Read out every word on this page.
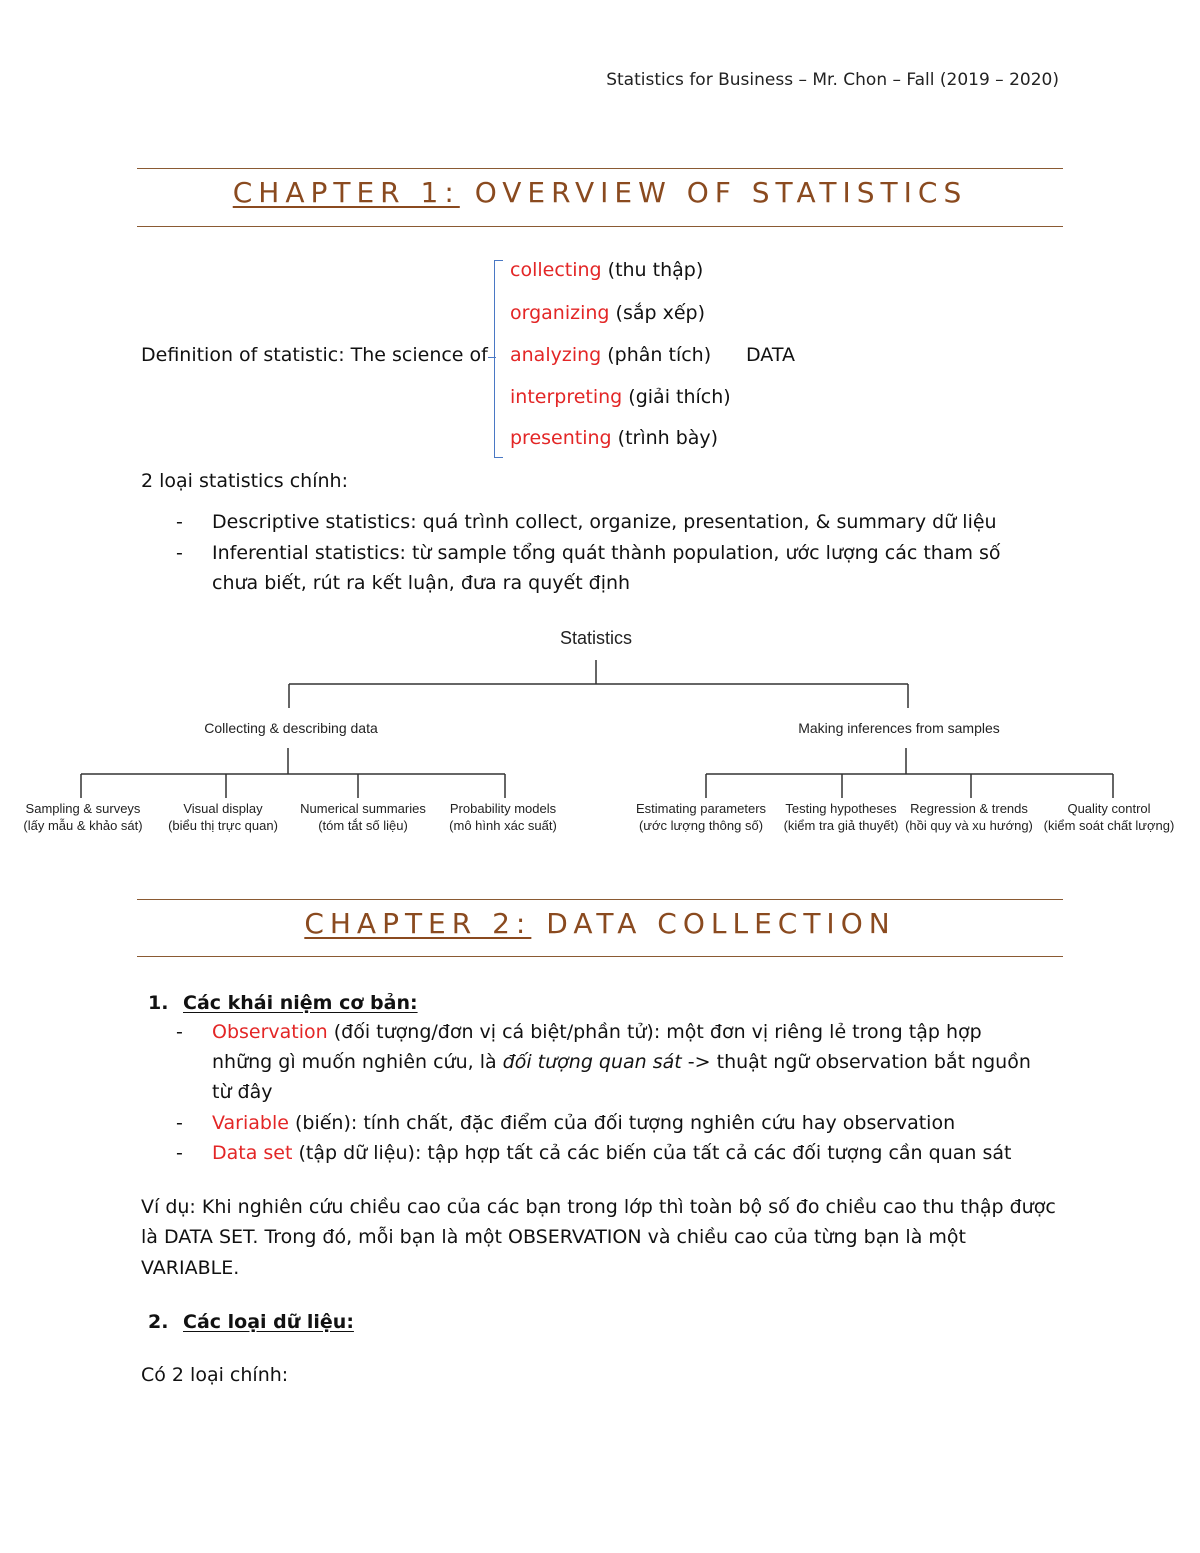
Statistics for Business – Mr. Chon – Fall (2019 – 2020)
CHAPTER 1: OVERVIEW OF STATISTICS
Definition of statistic: The science of
collecting (thu thập)
organizing (sắp xếp)
analyzing (phân tích)
interpreting (giải thích)
presenting (trình bày)
DATA
2 loại statistics chính:
- Descriptive statistics: quá trình collect, organize, presentation, & summary dữ liệu
- Inferential statistics: từ sample tổng quát thành population, ước lượng các tham số
chưa biết, rút ra kết luận, đưa ra quyết định
Statistics
Collecting & describing data	Making inferences from samples
Sampling & surveys
(lấy mẫu & khảo sát)
Visual display
(biểu thị trực quan)
Numerical summaries
(tóm tắt số liệu)
Probability models
(mô hình xác suất)
Estimating parameters
(ước lượng thông số)
Testing hypotheses
(kiểm tra giả thuyết)
Regression & trends
(hồi quy và xu hướng)
Quality control
(kiểm soát chất lượng)
CHAPTER 2: DATA COLLECTION
1. Các khái niệm cơ bản:
- Observation (đối tượng/đơn vị cá biệt/phần tử): một đơn vị riêng lẻ trong tập hợp
những gì muốn nghiên cứu, là đối tượng quan sát -> thuật ngữ observation bắt nguồn
từ đây
- Variable (biến): tính chất, đặc điểm của đối tượng nghiên cứu hay observation
- Data set (tập dữ liệu): tập hợp tất cả các biến của tất cả các đối tượng cần quan sát
Ví dụ: Khi nghiên cứu chiều cao của các bạn trong lớp thì toàn bộ số đo chiều cao thu thập được
là DATA SET. Trong đó, mỗi bạn là một OBSERVATION và chiều cao của từng bạn là một
VARIABLE.
2. Các loại dữ liệu:
Có 2 loại chính:
